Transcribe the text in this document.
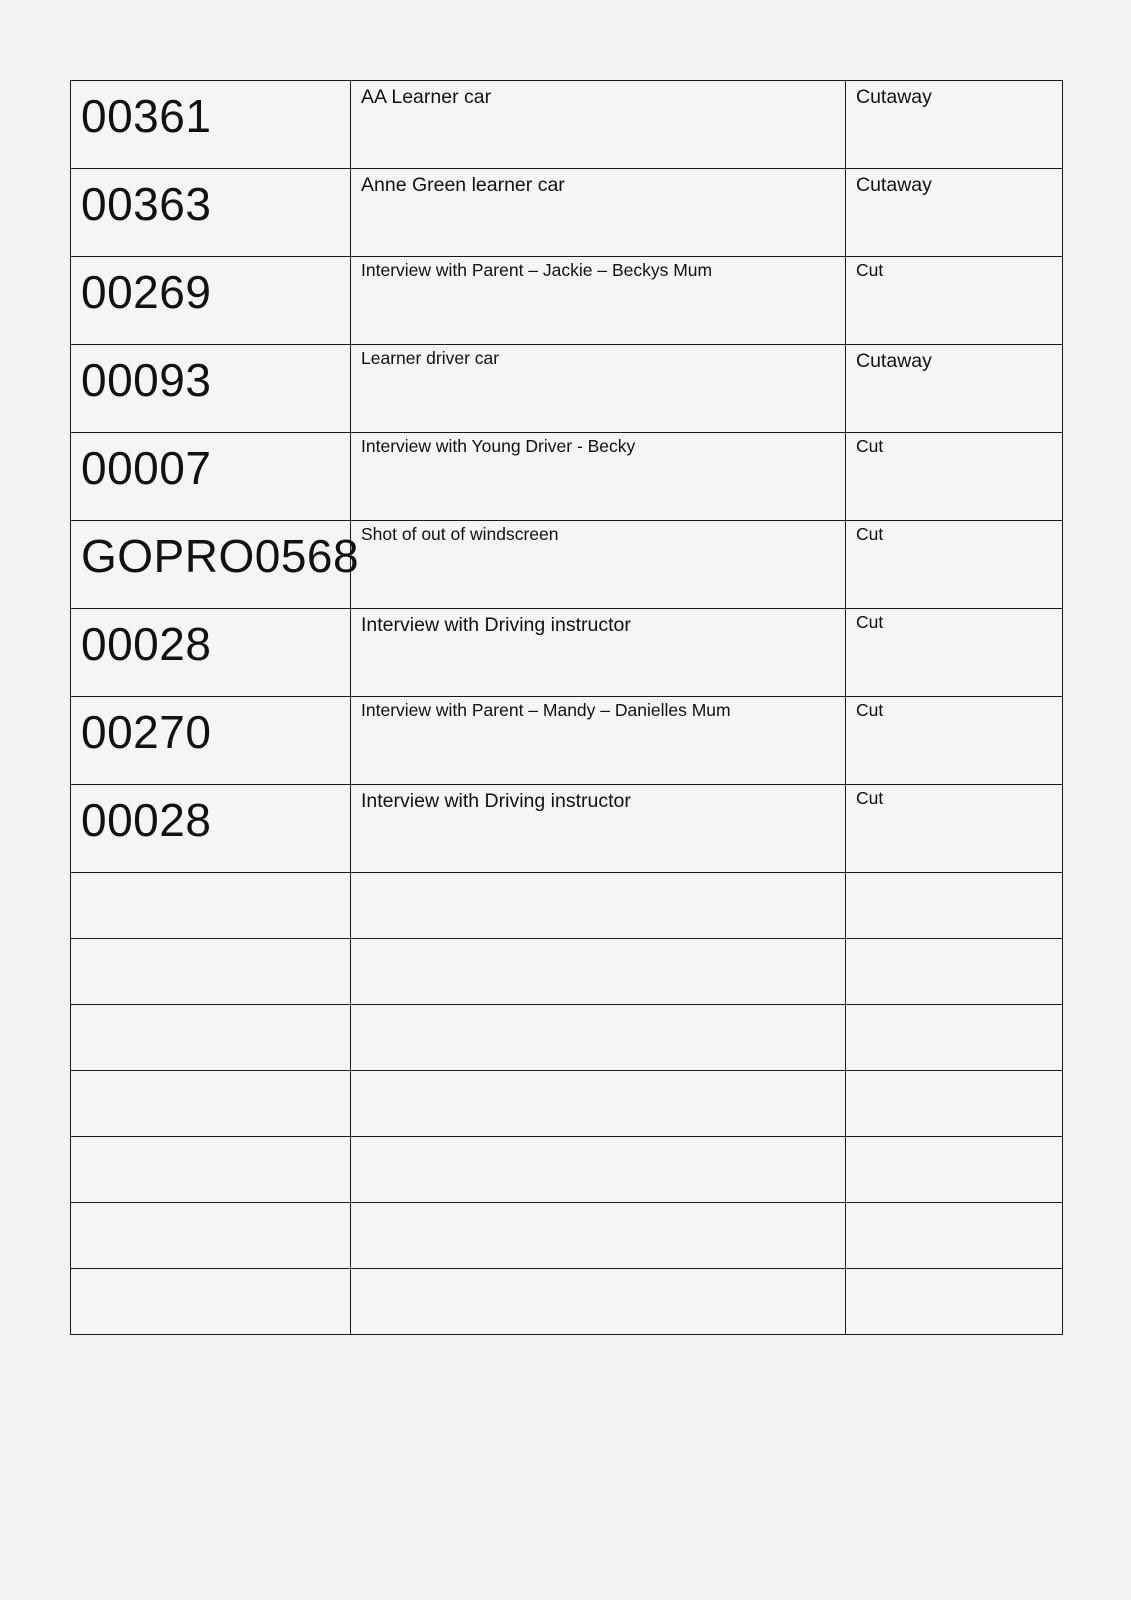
00361	AA Learner car	Cutaway

00363	Anne Green learner car	Cutaway

00269	Interview with Parent – Jackie – Beckys Mum	Cut

00093	Learner driver car	Cutaway

00007	Interview with Young Driver - Becky	Cut

GOPRO0568	Shot of out of windscreen	Cut

00028	Interview with Driving instructor	Cut

00270	Interview with Parent – Mandy – Danielles Mum	Cut

00028	Interview with Driving instructor	Cut
